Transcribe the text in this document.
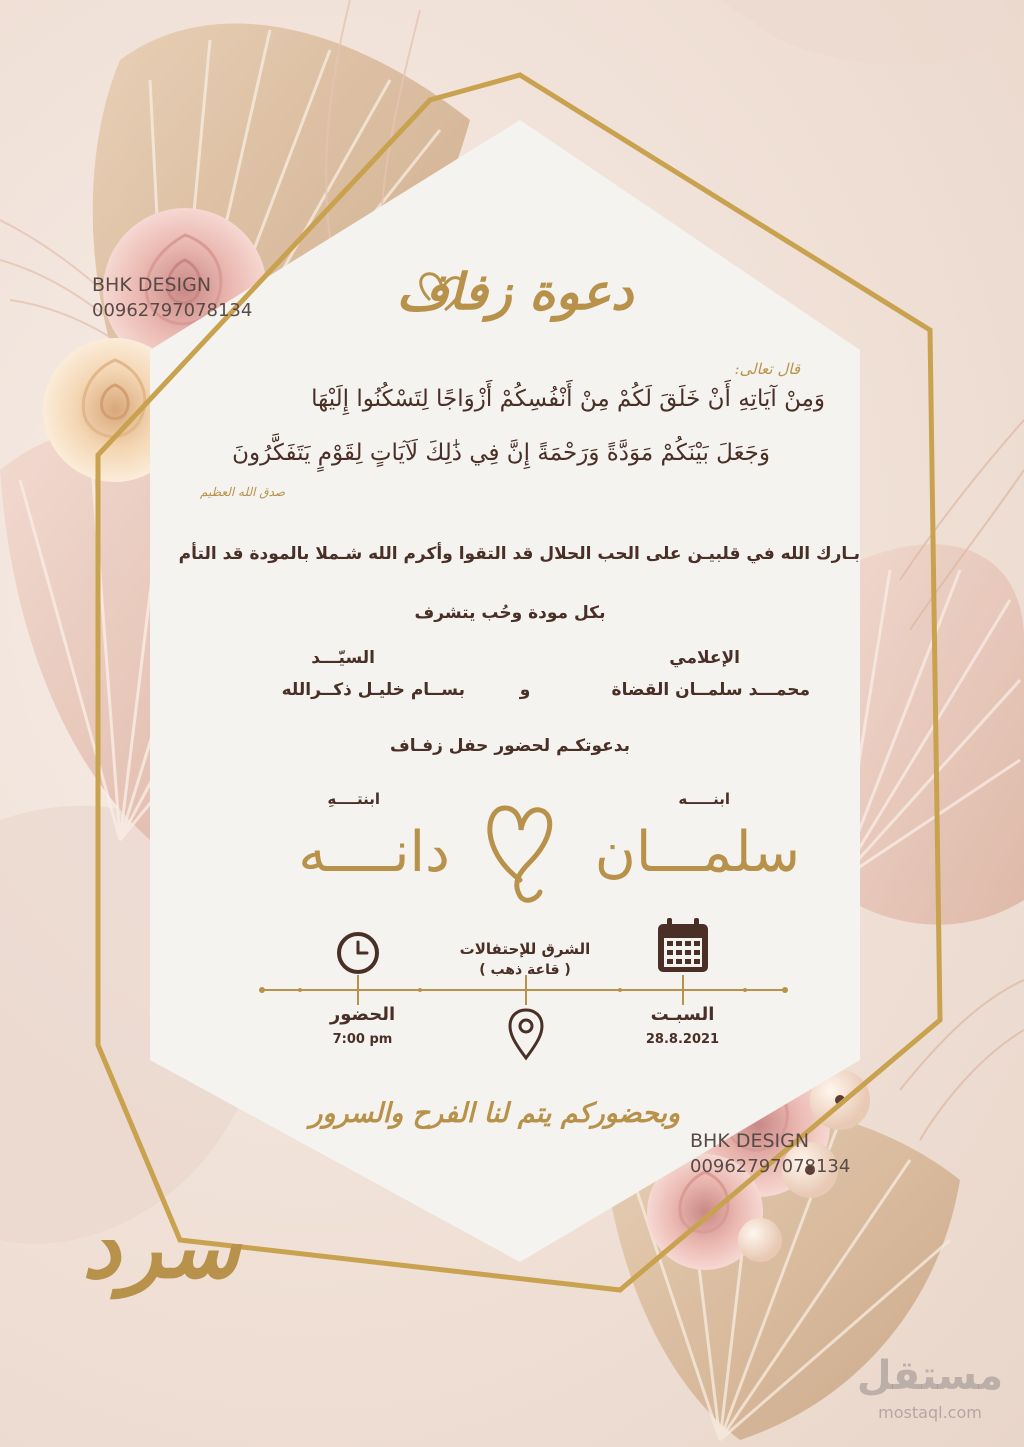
دعوة زفاف
قال تعالى:
وَمِنْ آيَاتِهِ أَنْ خَلَقَ لَكُمْ مِنْ أَنْفُسِكُمْ أَزْوَاجًا لِتَسْكُنُوا إِلَيْهَا
وَجَعَلَ بَيْنَكُمْ مَوَدَّةً وَرَحْمَةً إِنَّ فِي ذَٰلِكَ لَآيَاتٍ لِقَوْمٍ يَتَفَكَّرُونَ
صدق الله العظيم
بـارك الله في قلبيـن على الحب الحلال قد التقوا وأكرم الله شـملا بالمودة قد التأم
بكل مودة وحُب يتشرف
الإعلامي
محمـــد سلمــان القضاة
و
السيّـــد
بســام خليـل ذكــرالله
بدعوتكـم لحضور حفل زفـاف
ابنـــــه
سلمـــان
ابنتــــهِ
دانــــه
الشرق للإحتفالات
( قاعة ذهب )
السبـت
28.8.2021
الحضور
7:00 pm
وبحضوركم يتم لنا الفرح والسرور
BHK DESIGN
00962797078134
BHK DESIGN
00962797078134
سرد
مستقل
mostaql.com
